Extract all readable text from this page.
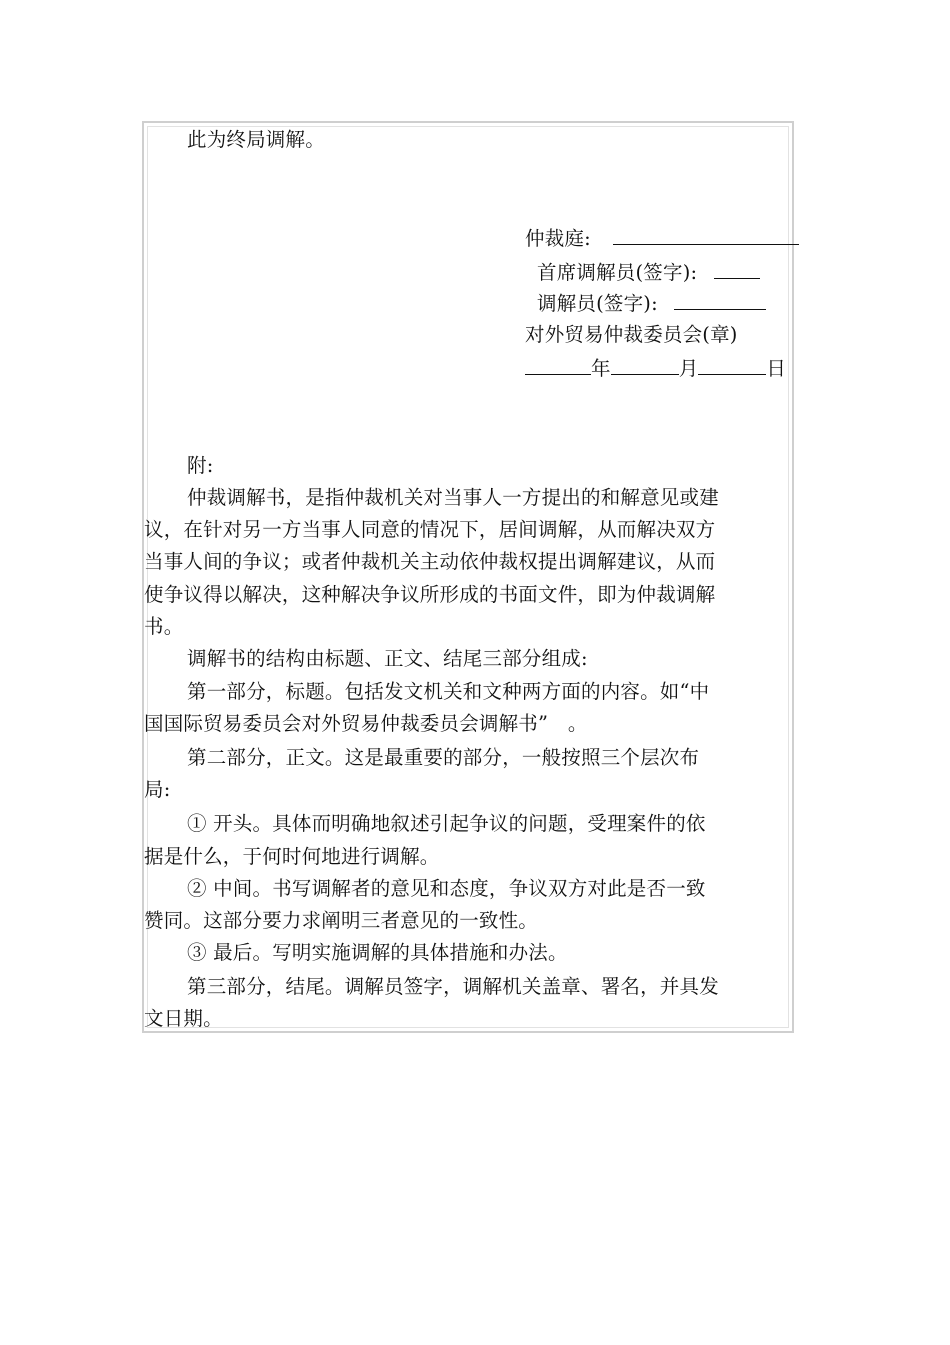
此为终局调解。
仲裁庭:
首席调解员(签字):
调解员(签字):
对外贸易仲裁委员会(章)
年	月	日
附:
仲裁调解书，是指仲裁机关对当事人一方提出的和解意见或建
议，在针对另一方当事人同意的情况下，居间调解，从而解决双方
当事人间的争议；或者仲裁机关主动依仲裁权提出调解建议，从而
使争议得以解决，这种解决争议所形成的书面文件，即为仲裁调解
书。
调解书的结构由标题、正文、结尾三部分组成:
第一部分，标题。包括发文机关和文种两方面的内容。如“中
国国际贸易委员会对外贸易仲裁委员会调解书”　。
第二部分，正文。这是最重要的部分，一般按照三个层次布
局:
① 开头。具体而明确地叙述引起争议的问题，受理案件的依
据是什么，于何时何地进行调解。
② 中间。书写调解者的意见和态度，争议双方对此是否一致
赞同。这部分要力求阐明三者意见的一致性。
③ 最后。写明实施调解的具体措施和办法。
第三部分，结尾。调解员签字，调解机关盖章、署名，并具发
文日期。
